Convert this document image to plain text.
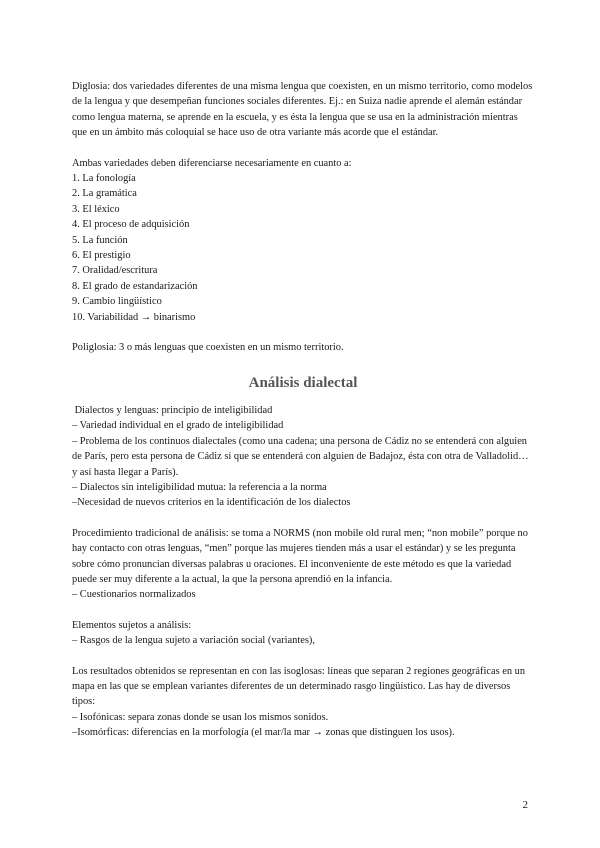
Diglosia: dos variedades diferentes de una misma lengua que coexisten, en un mismo territorio, como modelos de la lengua y que desempeñan funciones sociales diferentes. Ej.: en Suiza nadie aprende el alemán estándar como lengua materna, se aprende en la escuela, y es ésta la lengua que se usa en la administración mientras que en un ámbito más coloquial se hace uso de otra variante más acorde que el estándar.

Ambas variedades deben diferenciarse necesariamente en cuanto a:

1. La fonología
2. La gramática
3. El léxico
4. El proceso de adquisición
5. La función
6. El prestigio
7. Oralidad/escritura
8. El grado de estandarización
9. Cambio lingüístico
10. Variabilidad → binarismo

Poliglosia: 3 o más lenguas que coexisten en un mismo territorio.

Análisis dialectal

Dialectos y lenguas: principio de inteligibilidad

– Variedad individual en el grado de inteligibilidad

– Problema de los continuos dialectales (como una cadena; una persona de Cádiz no se entenderá con alguien de París, pero esta persona de Cádiz sí que se entenderá con alguien de Badajoz, ésta con otra de Valladolid… y así hasta llegar a París).

– Dialectos sin inteligibilidad mutua: la referencia a la norma

–Necesidad de nuevos criterios en la identificación de los dialectos

Procedimiento tradicional de análisis: se toma a NORMS (non mobile old rural men; “non mobile” porque no hay contacto con otras lenguas, “men” porque las mujeres tienden más a usar el estándar) y se les pregunta sobre cómo pronuncian diversas palabras u oraciones. El inconveniente de este método es que la variedad puede ser muy diferente a la actual, la que la persona aprendió en la infancia.

– Cuestionarios normalizados

Elementos sujetos a análisis:

– Rasgos de la lengua sujeto a variación social (variantes),

Los resultados obtenidos se representan en con las isoglosas: líneas que separan 2 regiones geográficas en un mapa en las que se emplean variantes diferentes de un determinado rasgo lingüístico. Las hay de diversos tipos:

– Isofónicas: separa zonas donde se usan los mismos sonidos.

–Isomórficas: diferencias en la morfología (el mar/la mar → zonas que distinguen los usos).

2
